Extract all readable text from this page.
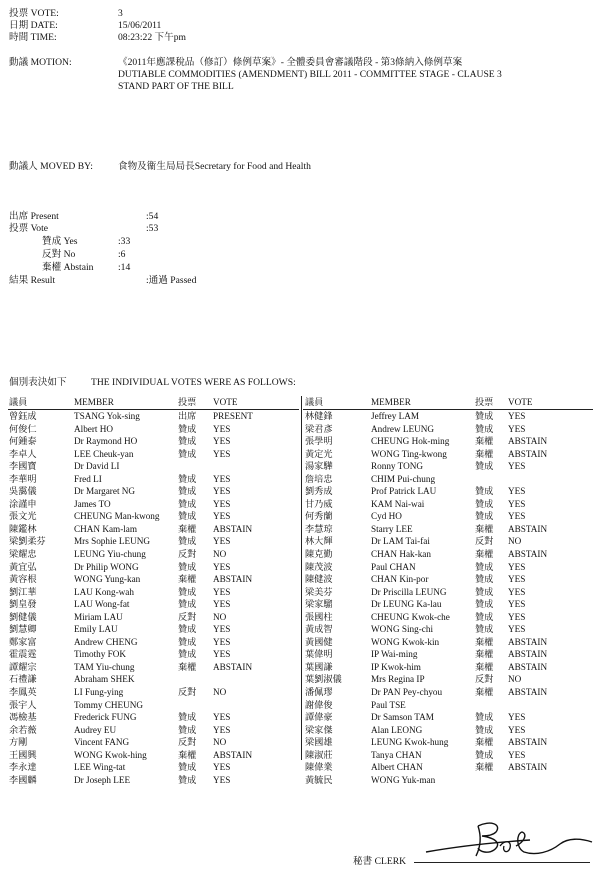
投票 VOTE:	3
日期 DATE:	15/06/2011
時間 TIME:	08:23:22 下午pm
動議 MOTION:	《2011年應課稅品（修訂）條例草案》- 全體委員會審議階段 - 第3條納入條例草案
DUTIABLE COMMODITIES (AMENDMENT) BILL 2011 - COMMITTEE STAGE - CLAUSE 3
STAND PART OF THE BILL
動議人 MOVED BY:	食物及衞生局局長Secretary for Food and Health
出席 Present	:54
投票 Vote	:53
贊成 Yes	:33
反對 No	:6
棄權 Abstain	:14
結果 Result	:通過 Passed
個別表決如下	THE INDIVIDUAL VOTES WERE AS FOLLOWS:
議員	MEMBER	投票 VOTE
曾鈺成	TSANG Yok-sing	出席 PRESENT
何俊仁	Albert HO	贊成 YES
何鍾泰	Dr Raymond HO	贊成 YES
李卓人	LEE Cheuk-yan	贊成 YES
李國寶	Dr David LI
李華明	Fred LI	贊成 YES
吳靄儀	Dr Margaret NG	贊成 YES
涂謹申	James TO	贊成 YES
張文光	CHEUNG Man-kwong 贊成 YES
陳鑑林	CHAN Kam-lam	棄權 ABSTAIN
梁劉柔芬	Mrs Sophie LEUNG	贊成 YES
梁耀忠	LEUNG Yiu-chung	反對 NO
黃宜弘	Dr Philip WONG	贊成 YES
黃容根	WONG Yung-kan	棄權 ABSTAIN
劉江華	LAU Kong-wah	贊成 YES
劉皇發	LAU Wong-fat	贊成 YES
劉健儀	Miriam LAU	反對 NO
劉慧卿	Emily LAU	贊成 YES
鄭家富	Andrew CHENG	贊成 YES
霍震霆	Timothy FOK	贊成 YES
譚耀宗	TAM Yiu-chung	棄權 ABSTAIN
石禮謙	Abraham SHEK
李鳳英	LI Fung-ying	反對 NO
張宇人	Tommy CHEUNG
馮檢基	Frederick FUNG	贊成 YES
余若薇	Audrey EU	贊成 YES
方剛	Vincent FANG	反對 NO
王國興	WONG Kwok-hing	棄權 ABSTAIN
李永達	LEE Wing-tat	贊成 YES
李國麟	Dr Joseph LEE	贊成 YES
議員	MEMBER	投票 VOTE
林健鋒	Jeffrey LAM	贊成 YES
梁君彥	Andrew LEUNG	贊成 YES
張學明	CHEUNG Hok-ming	棄權 ABSTAIN
黃定光	WONG Ting-kwong	棄權 ABSTAIN
湯家驊	Ronny TONG	贊成 YES
詹培忠	CHIM Pui-chung
劉秀成	Prof Patrick LAU	贊成 YES
甘乃威	KAM Nai-wai	贊成 YES
何秀蘭	Cyd HO	贊成 YES
李慧琼	Starry LEE	棄權 ABSTAIN
林大輝	Dr LAM Tai-fai	反對 NO
陳克勤	CHAN Hak-kan	棄權 ABSTAIN
陳茂波	Paul CHAN	贊成 YES
陳健波	CHAN Kin-por	贊成 YES
梁美芬	Dr Priscilla LEUNG	贊成 YES
梁家騮	Dr LEUNG Ka-lau	贊成 YES
張國柱	CHEUNG Kwok-che	贊成 YES
黃成智	WONG Sing-chi	贊成 YES
黃國健	WONG Kwok-kin	棄權 ABSTAIN
葉偉明	IP Wai-ming	棄權 ABSTAIN
葉國謙	IP Kwok-him	棄權 ABSTAIN
葉劉淑儀	Mrs Regina IP	反對 NO
潘佩璆	Dr PAN Pey-chyou	棄權 ABSTAIN
謝偉俊	Paul TSE
譚偉豪	Dr Samson TAM	贊成 YES
梁家傑	Alan LEONG	贊成 YES
梁國雄	LEUNG Kwok-hung	棄權 ABSTAIN
陳淑莊	Tanya CHAN	贊成 YES
陳偉業	Albert CHAN	棄權 ABSTAIN
黃毓民	WONG Yuk-man
秘書 CLERK
